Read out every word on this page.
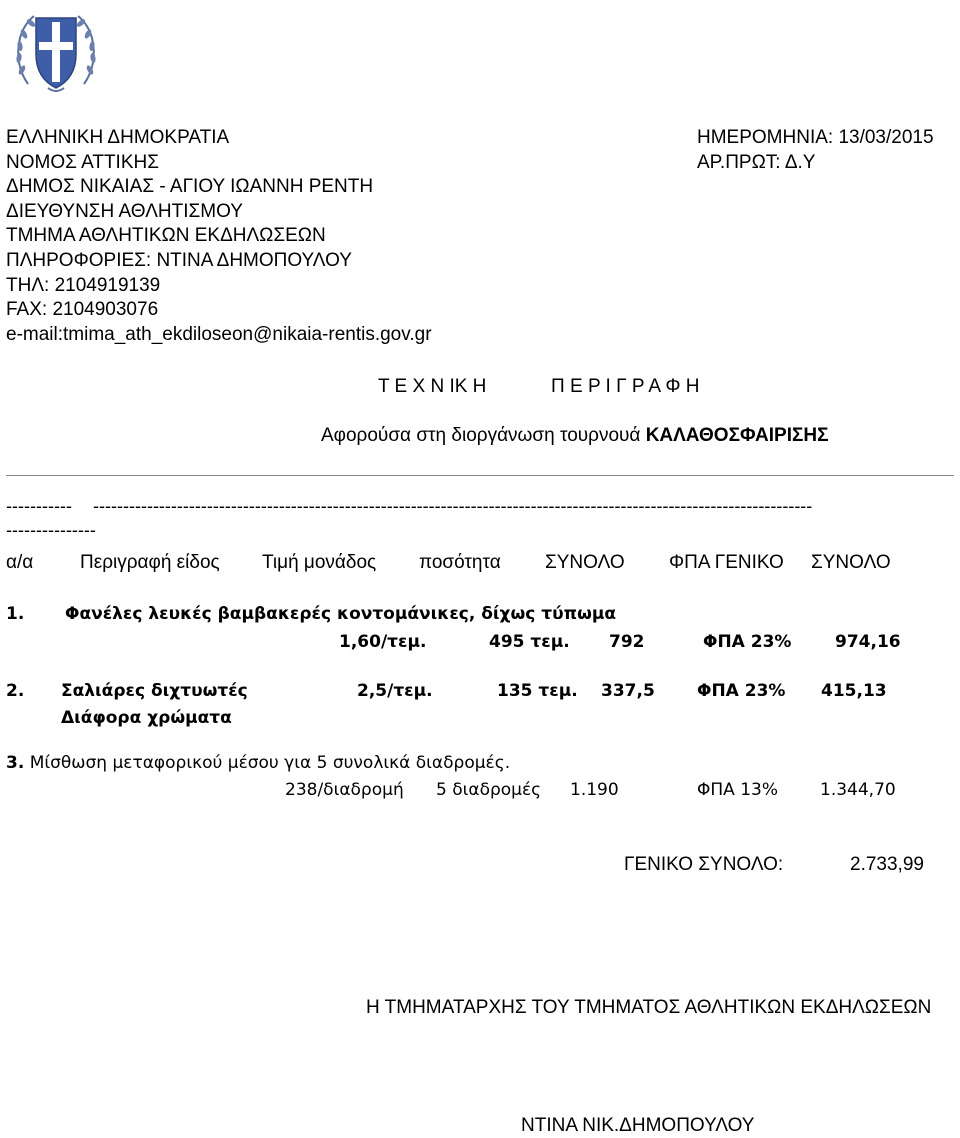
ΕΛΛΗΝΙΚΗ ΔΗΜΟΚΡΑΤΙΑ
ΝΟΜΟΣ ΑΤΤΙΚΗΣ
ΔΗΜΟΣ ΝΙΚΑΙΑΣ - ΑΓΙΟΥ ΙΩΑΝΝΗ ΡΕΝΤΗ
ΔΙΕΥΘΥΝΣΗ ΑΘΛΗΤΙΣΜΟΥ
ΤΜΗΜΑ ΑΘΛΗΤΙΚΩΝ ΕΚΔΗΛΩΣΕΩΝ
ΠΛΗΡΟΦΟΡΙΕΣ: ΝΤΙΝΑ ΔΗΜΟΠΟΥΛΟΥ
ΤΗΛ: 2104919139
FAX: 2104903076
e-mail:tmima_ath_ekdiloseon@nikaia-rentis.gov.gr
ΗΜΕΡΟΜΗΝΙΑ: 13/03/2015
ΑΡ.ΠΡΩΤ: Δ.Υ
Τ Ε Χ Ν ΙΚ Η	Π Ε Ρ Ι Γ Ρ Α Φ Η
Αφορούσα στη διοργάνωση τουρνουά ΚΑΛΑΘΟΣΦΑΙΡΙΣΗΣ
----------- ------------------------------------------------------------------------------------------------------------------------
---------------
α/α Περιγραφή είδος Τιμή μονάδος ποσότητα ΣΥΝΟΛΟ ΦΠΑ ΓΕΝΙΚΟ ΣΥΝΟΛΟ
1. Φανέλες λευκές βαμβακερές κοντομάνικες, δίχως τύπωμα
1,60/τεμ.	495 τεμ. 792	ΦΠΑ 23%	974,16
2. Σαλιάρες διχτυωτές
Διάφορα χρώματα
2,5/τεμ.	135 τεμ. 337,5 ΦΠΑ 23% 415,13
3. Μίσθωση μεταφορικού μέσου για 5 συνολικά διαδρομές.
238/διαδρομή 5 διαδρομές 1.190	ΦΠΑ 13% 1.344,70
ΓΕΝΙΚΟ ΣΥΝΟΛΟ:	2.733,99
Η ΤΜΗΜΑΤΑΡΧΗΣ ΤΟΥ ΤΜΗΜΑΤΟΣ ΑΘΛΗΤΙΚΩΝ ΕΚΔΗΛΩΣΕΩΝ
ΝΤΙΝΑ ΝΙΚ.ΔΗΜΟΠΟΥΛΟΥ
